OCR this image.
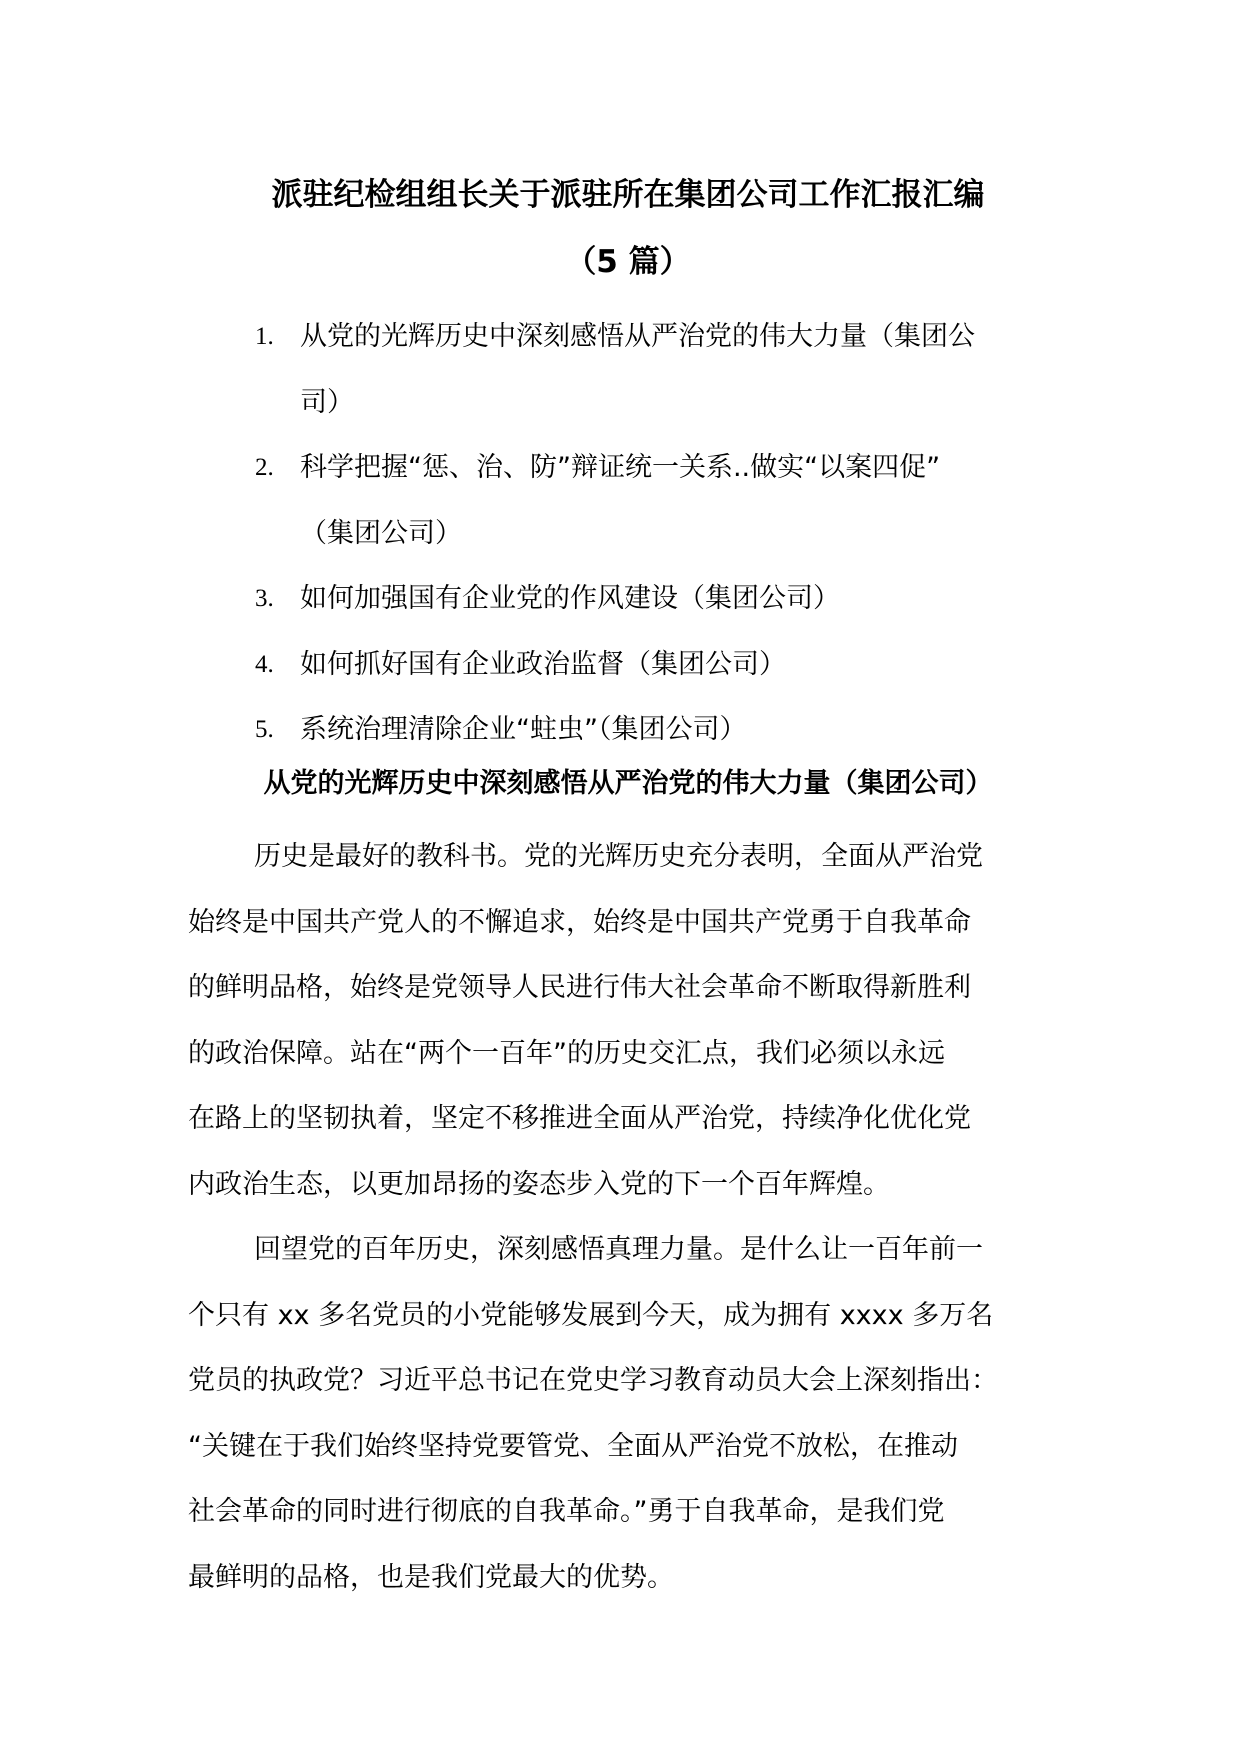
派驻纪检组组长关于派驻所在集团公司工作汇报汇编
（5 篇）
1. 从党的光辉历史中深刻感悟从严治党的伟大力量（集团公
司）
2. 科学把握“惩、治、防”辩证统一关系..做实“以案四促”
（集团公司）
3. 如何加强国有企业党的作风建设（集团公司）
4. 如何抓好国有企业政治监督（集团公司）
5. 系统治理清除企业“蛀虫”（集团公司）
从党的光辉历史中深刻感悟从严治党的伟大力量（集团公司）

历史是最好的教科书。党的光辉历史充分表明，全面从严治党
始终是中国共产党人的不懈追求，始终是中国共产党勇于自我革命
的鲜明品格，始终是党领导人民进行伟大社会革命不断取得新胜利
的政治保障。站在“两个一百年”的历史交汇点，我们必须以永远
在路上的坚韧执着，坚定不移推进全面从严治党，持续净化优化党
内政治生态，以更加昂扬的姿态步入党的下一个百年辉煌。

回望党的百年历史，深刻感悟真理力量。是什么让一百年前一
个只有 xx 多名党员的小党能够发展到今天，成为拥有 xxxx 多万名
党员的执政党？习近平总书记在党史学习教育动员大会上深刻指出：
“关键在于我们始终坚持党要管党、全面从严治党不放松，在推动
社会革命的同时进行彻底的自我革命。”勇于自我革命，是我们党
最鲜明的品格，也是我们党最大的优势。
